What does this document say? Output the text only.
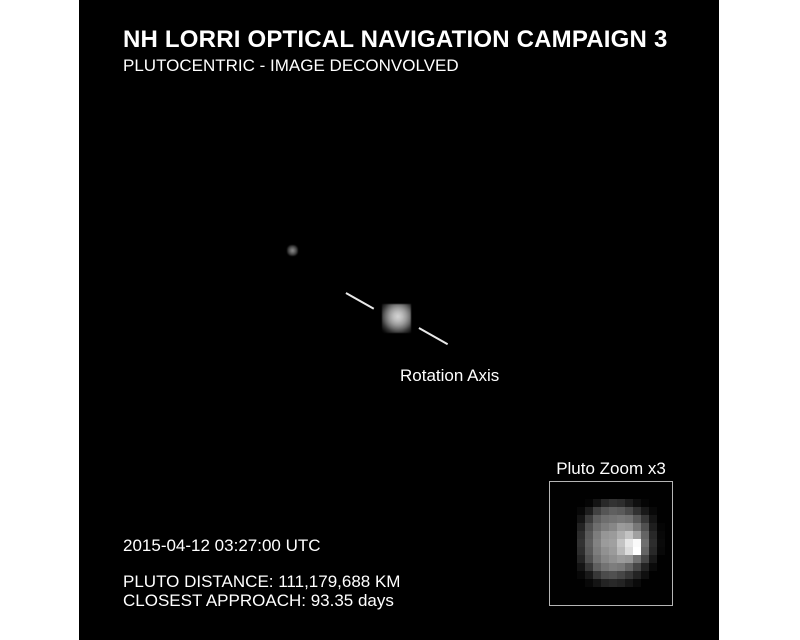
NH LORRI OPTICAL NAVIGATION CAMPAIGN 3
PLUTOCENTRIC - IMAGE DECONVOLVED
Rotation Axis
Pluto Zoom x3
2015-04-12 03:27:00 UTC
PLUTO DISTANCE: 111,179,688 KM
CLOSEST APPROACH: 93.35 days
